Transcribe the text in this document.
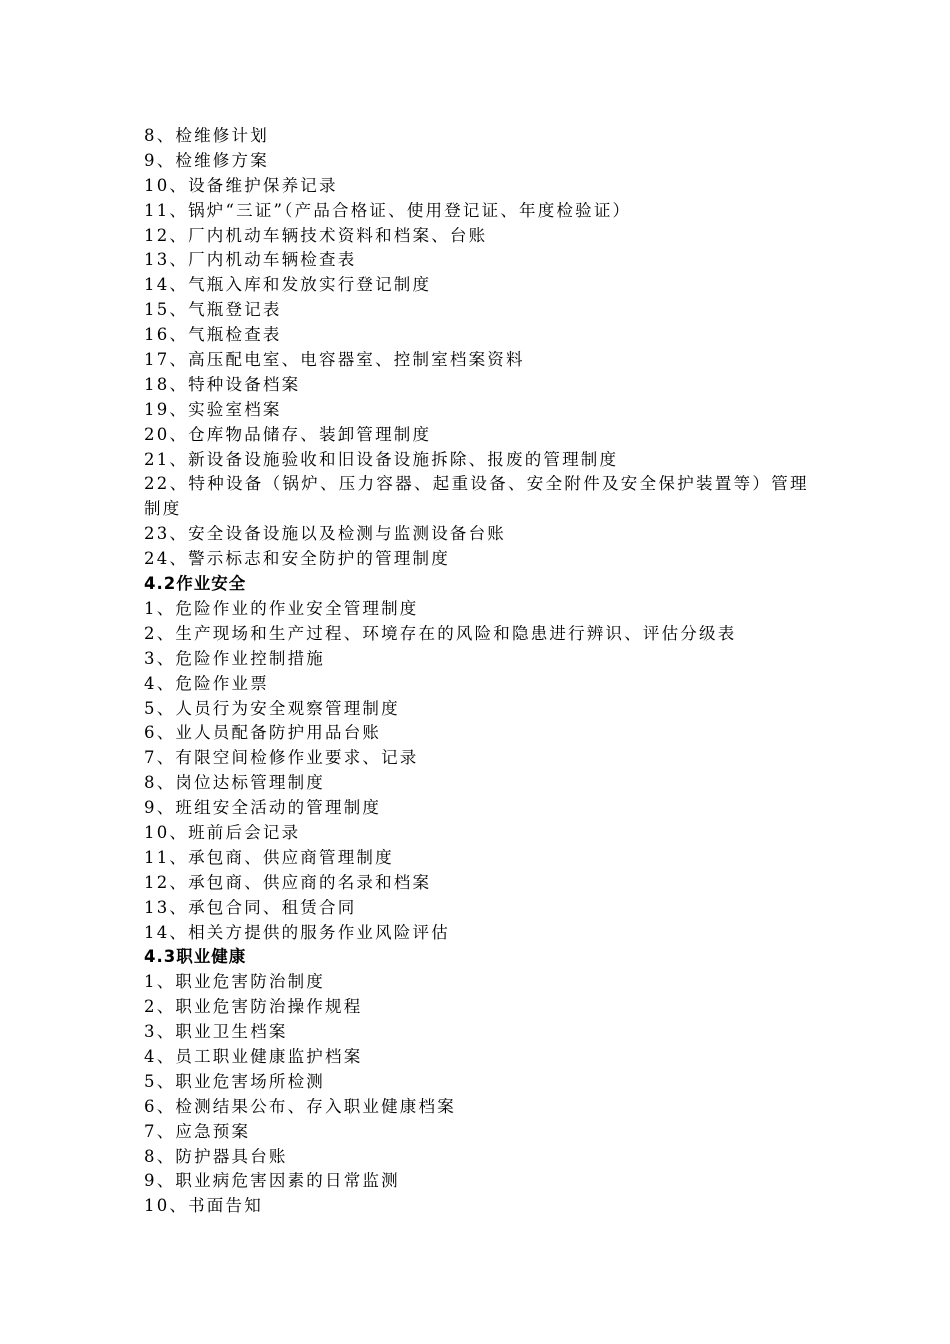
8、检维修计划
9、检维修方案
10、设备维护保养记录
11、锅炉“三证”（产品合格证、使用登记证、年度检验证）
12、厂内机动车辆技术资料和档案、台账
13、厂内机动车辆检查表
14、气瓶入库和发放实行登记制度
15、气瓶登记表
16、气瓶检查表
17、高压配电室、电容器室、控制室档案资料
18、特种设备档案
19、实验室档案
20、仓库物品储存、装卸管理制度
21、新设备设施验收和旧设备设施拆除、报废的管理制度
22、特种设备（锅炉、压力容器、起重设备、安全附件及安全保护装置等）管理制度
23、安全设备设施以及检测与监测设备台账
24、警示标志和安全防护的管理制度
4.2作业安全
1、危险作业的作业安全管理制度
2、生产现场和生产过程、环境存在的风险和隐患进行辨识、评估分级表
3、危险作业控制措施
4、危险作业票
5、人员行为安全观察管理制度
6、业人员配备防护用品台账
7、有限空间检修作业要求、记录
8、岗位达标管理制度
9、班组安全活动的管理制度
10、班前后会记录
11、承包商、供应商管理制度
12、承包商、供应商的名录和档案
13、承包合同、租赁合同
14、相关方提供的服务作业风险评估
4.3职业健康
1、职业危害防治制度
2、职业危害防治操作规程
3、职业卫生档案
4、员工职业健康监护档案
5、职业危害场所检测
6、检测结果公布、存入职业健康档案
7、应急预案
8、防护器具台账
9、职业病危害因素的日常监测
10、书面告知
